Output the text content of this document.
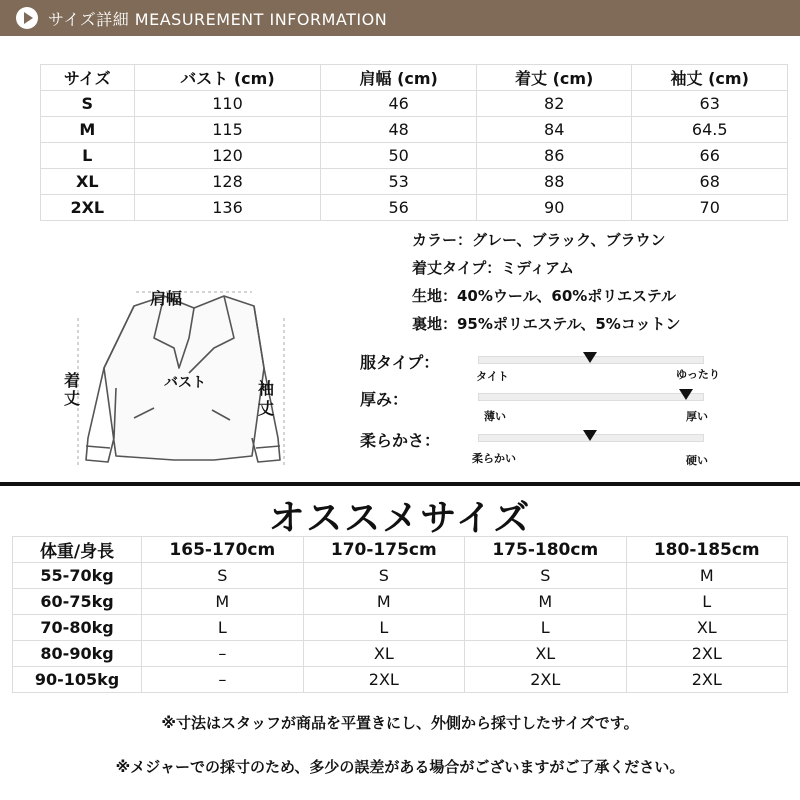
サイズ詳細 MEASUREMENT INFORMATION
サイズ	バスト (cm)	肩幅 (cm)	着丈 (cm)	袖丈 (cm)
S	110	46	82	63
M	115	48	84	64.5
L	120	50	86	66
XL	128	53	88	68
2XL	136	56	90	70
カラー：グレー、ブラック、ブラウン
着丈タイプ：ミディアム
生地：40%ウール、60%ポリエステル
裏地：95%ポリエステル、5%コットン
肩幅
着
丈
バスト	袖
丈
服タイプ：
タイト	ゆったり
厚み：
薄い	厚い
柔らかさ：
柔らかい	硬い
オススメサイズ
体重/身長	165-170cm	170-175cm	175-180cm	180-185cm
55-70kg	S	S	S	M
60-75kg	M	M	M	L
70-80kg	L	L	L	XL
80-90kg	–	XL	XL	2XL
90-105kg	–	2XL	2XL	2XL
※寸法はスタッフが商品を平置きにし、外側から採寸したサイズです。
※メジャーでの採寸のため、多少の誤差がある場合がございますがご了承ください。
